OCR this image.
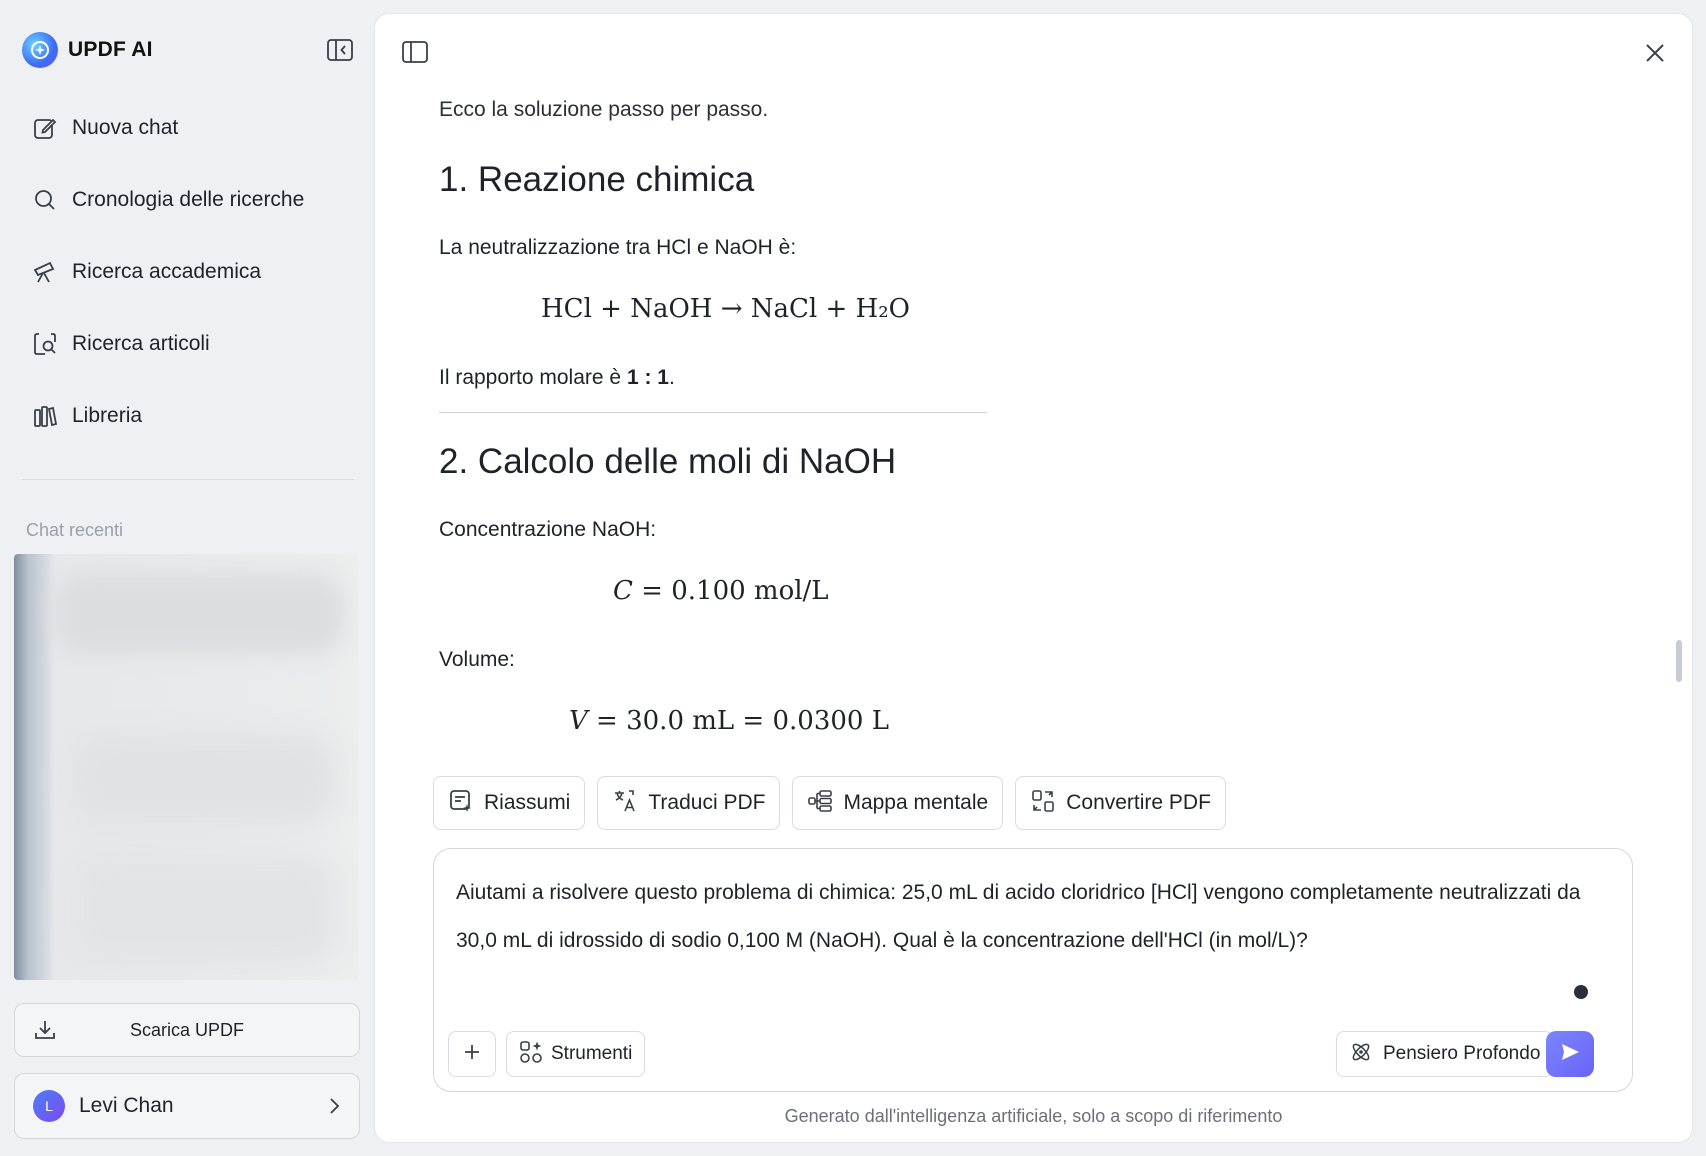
UPDF AI
Nuova chat
Cronologia delle ricerche
Ricerca accademica
Ricerca articoli
Libreria
Chat recenti
Scarica UPDF
L	Levi Chan
Ecco la soluzione passo per passo.
1. Reazione chimica
La neutralizzazione tra HCl e NaOH è:
HCl + NaOH → NaCl + H₂O
Il rapporto molare è 1 : 1.
2. Calcolo delle moli di NaOH
Concentrazione NaOH:
C = 0.100 mol/L
Volume:
V = 30.0 mL = 0.0300 L
Riassumi	Traduci PDF	Mappa mentale	Convertire PDF
Aiutami a risolvere questo problema di chimica: 25,0 mL di acido cloridrico [HCl] vengono completamente neutralizzati da 30,0 mL di idrossido di sodio 0,100 M (NaOH). Qual è la concentrazione dell'HCl (in mol/L)?
Strumenti	Pensiero Profondo
Generato dall'intelligenza artificiale, solo a scopo di riferimento
